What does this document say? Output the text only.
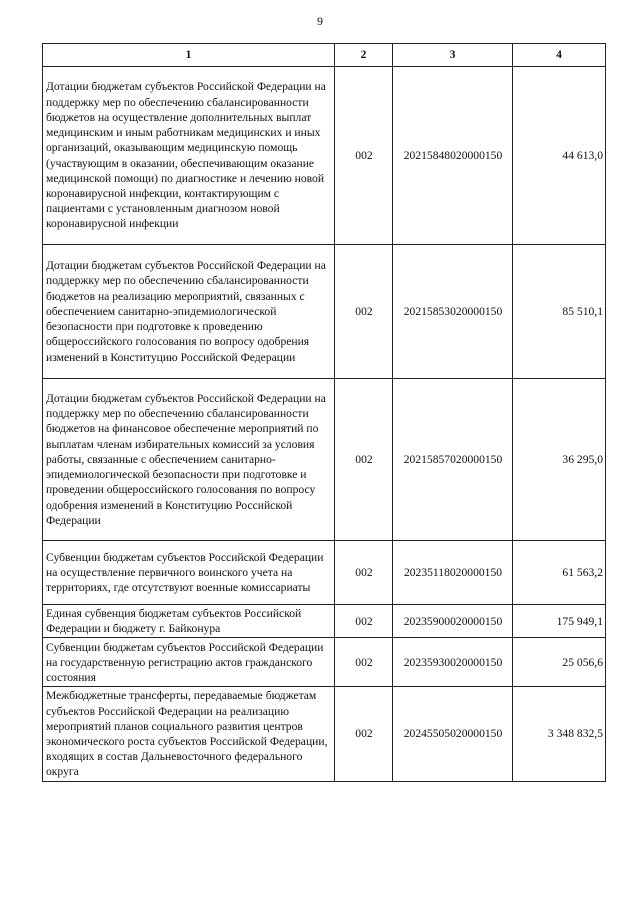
9
1	2	3	4
Дотации бюджетам субъектов Российской Федерации на поддержку мер по обеспечению сбалансированности бюджетов на осуществление дополнительных выплат медицинским и иным работникам медицинских и иных организаций, оказывающим медицинскую помощь (участвующим в оказании, обеспечивающим оказание медицинской помощи) по диагностике и лечению новой коронавирусной инфекции, контактирующим с пациентами с установленным диагнозом новой коронавирусной инфекции	002	20215848020000150	44 613,0
Дотации бюджетам субъектов Российской Федерации на поддержку мер по обеспечению сбалансированности бюджетов на реализацию мероприятий, связанных с обеспечением санитарно-эпидемиологической безопасности при подготовке к проведению общероссийского голосования по вопросу одобрения изменений в Конституцию Российской Федерации	002	20215853020000150	85 510,1
Дотации бюджетам субъектов Российской Федерации на поддержку мер по обеспечению сбалансированности бюджетов на финансовое обеспечение мероприятий по выплатам членам избирательных комиссий за условия работы, связанные с обеспечением санитарно-эпидемиологической безопасности при подготовке и проведении общероссийского голосования по вопросу одобрения изменений в Конституцию Российской Федерации	002	20215857020000150	36 295,0
Субвенции бюджетам субъектов Российской Федерации на осуществление первичного воинского учета на территориях, где отсутствуют военные комиссариаты	002	20235118020000150	61 563,2
Единая субвенция бюджетам субъектов Российской Федерации и бюджету г. Байконура	002	20235900020000150	175 949,1
Субвенции бюджетам субъектов Российской Федерации на государственную регистрацию актов гражданского состояния	002	20235930020000150	25 056,6
Межбюджетные трансферты, передаваемые бюджетам субъектов Российской Федерации на реализацию мероприятий планов социального развития центров экономического роста субъектов Российской Федерации, входящих в состав Дальневосточного федерального округа	002	20245505020000150	3 348 832,5
